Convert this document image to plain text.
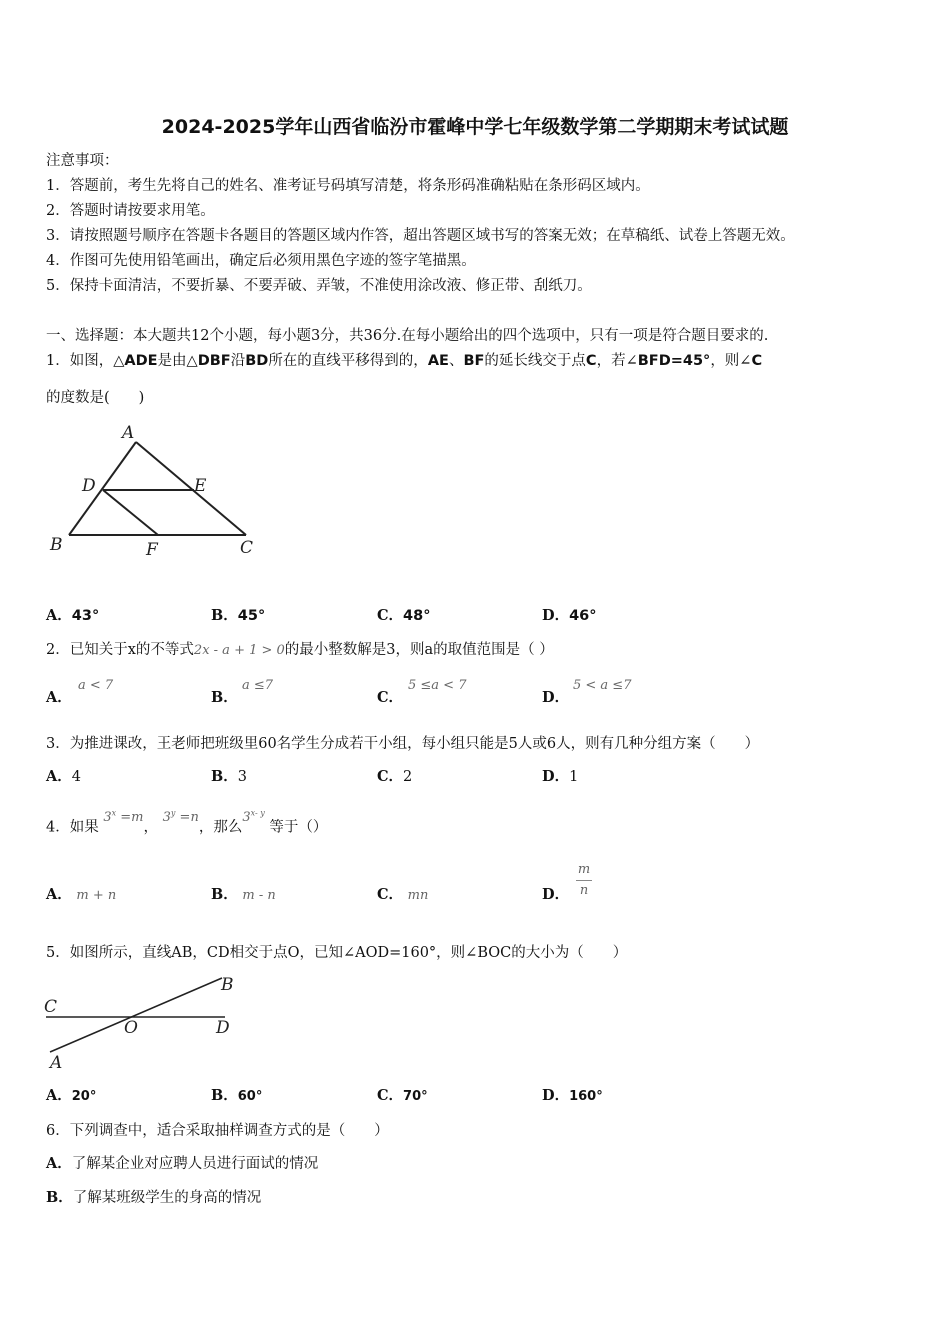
2024-2025学年山西省临汾市霍峰中学七年级数学第二学期期末考试试题
注意事项：
1．答题前，考生先将自己的姓名、准考证号码填写清楚，将条形码准确粘贴在条形码区域内。
2．答题时请按要求用笔。
3．请按照题号顺序在答题卡各题目的答题区域内作答，超出答题区域书写的答案无效；在草稿纸、试卷上答题无效。
4．作图可先使用铅笔画出，确定后必须用黑色字迹的签字笔描黑。
5．保持卡面清洁，不要折暴、不要弄破、弄皱，不准使用涂改液、修正带、刮纸刀。
一、选择题：本大题共12个小题，每小题3分，共36分.在每小题给出的四个选项中，只有一项是符合题目要求的.
1．如图，△ADE是由△DBF沿BD所在的直线平移得到的，AE、BF的延长线交于点C，若∠BFD=45°，则∠C
的度数是(　　)
A
D	E
B	F	C
A．43°	B．45°	C．48°	D．46°
2．已知关于x的不等式2x - a + 1 > 0的最小整数解是3，则a的取值范围是（ ）
A．
a < 7
B．
a ≤7
C．
5 ≤a < 7
D．
5 < a ≤7
3．为推进课改，王老师把班级里60名学生分成若干小组，每小组只能是5人或6人，则有几种分组方案（　　）
A．4	B．3	C．2	D．1
4．如果 $3^x =m$， $3^y =n$，那么3$^{x- y}$ 等于（）
A． m + n	B． m - n	C． mn	D．
m
n
5．如图所示，直线AB，CD相交于点O，已知∠AOD=160°，则∠BOC的大小为（　　）
C
B
O	D
A
A．20°	B．60°	C．70°	D．160°
6．下列调查中，适合采取抽样调查方式的是（　　）
A．了解某企业对应聘人员进行面试的情况
B．了解某班级学生的身高的情况
